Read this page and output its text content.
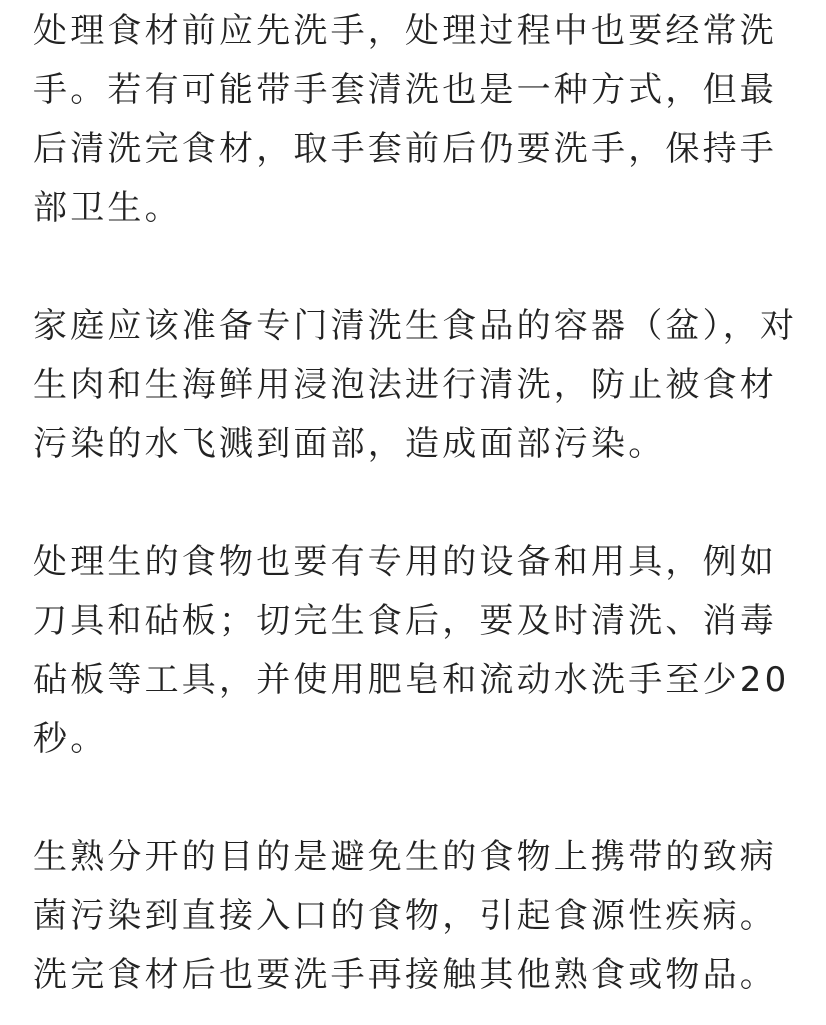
处理食材前应先洗手，处理过程中也要经常洗手。若有可能带手套清洗也是一种方式，但最后清洗完食材，取手套前后仍要洗手，保持手部卫生。

家庭应该准备专门清洗生食品的容器（盆），对生肉和生海鲜用浸泡法进行清洗，防止被食材污染的水飞溅到面部，造成面部污染。

处理生的食物也要有专用的设备和用具，例如刀具和砧板；切完生食后，要及时清洗、消毒砧板等工具，并使用肥皂和流动水洗手至少20秒。

生熟分开的目的是避免生的食物上携带的致病菌污染到直接入口的食物，引起食源性疾病。洗完食材后也要洗手再接触其他熟食或物品。
